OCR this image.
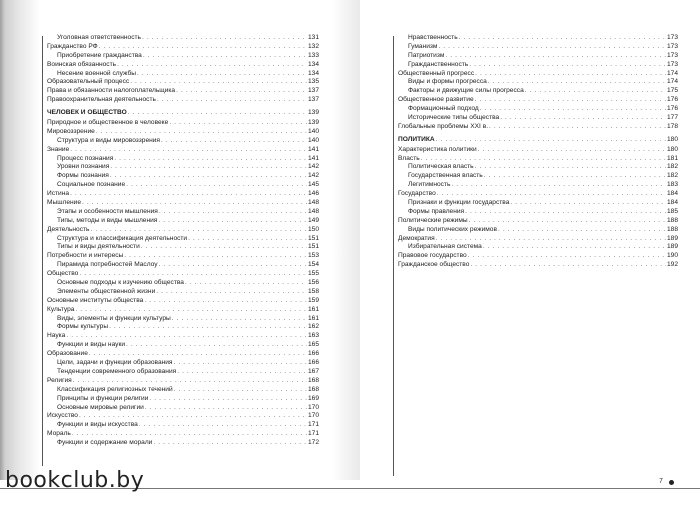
Уголовная ответственность . . .	131
Гражданство РФ . . .	132
Приобретение гражданства . . .	133
Воинская обязанность . . .	134
Несение военной службы . . .	134
Образовательный процесс . . .	135
Права и обязанности налогоплательщика . . .	137
Правоохранительная деятельность . . .	137
ЧЕЛОВЕК И ОБЩЕСТВО . . .	139
Природное и общественное в человеке . . .	139
Мировоззрение . . .	140
Структура и виды мировоззрения . . .	140
Знание . . .	141
Процесс познания . . .	141
Уровни познания . . .	142
Формы познания . . .	142
Социальное познание . . .	145
Истина . . .	146
Мышление . . .	148
Этапы и особенности мышления . . .	148
Типы, методы и виды мышления . . .	149
Деятельность . . .	150
Структура и классификация деятельности . . .	151
Типы и виды деятельности . . .	151
Потребности и интересы . . .	153
Пирамида потребностей Маслоу . . .	154
Общество . . .	155
Основные подходы к изучению общества . . .	156
Элементы общественной жизни . . .	158
Основные институты общества . . .	159
Культура . . .	161
Виды, элементы и функции культуры . . .	161
Формы культуры . . .	162
Наука . . .	163
Функции и виды науки . . .	165
Образование . . .	166
Цели, задачи и функции образования . . .	166
Тенденции современного образования . . .	167
Религия . . .	168
Классификация религиозных течений . . .	168
Принципы и функции религии . . .	169
Основные мировые религии . . .	170
Искусство . . .	170
Функции и виды искусства . . .	171
Мораль . . .	171
Функции и содержание морали . . .	172
Нравственность . . .	173
Гуманизм . . .	173
Патриотизм . . .	173
Гражданственность . . .	173
Общественный прогресс . . .	174
Виды и формы прогресса . . .	174
Факторы и движущие силы прогресса . . .	175
Общественное развитие . . .	176
Формационный подход . . .	176
Исторические типы общества . . .	177
Глобальные проблемы XXI в. . . .	178
ПОЛИТИКА . . .	180
Характеристика политики . . .	180
Власть . . .	181
Политическая власть . . .	182
Государственная власть . . .	182
Легитимность . . .	183
Государство . . .	184
Признаки и функции государства . . .	184
Формы правления . . .	185
Политические режимы . . .	188
Виды политических режимов . . .	188
Демократия . . .	189
Избирательная система . . .	189
Правовое государство . . .	190
Гражданское общество . . .	192
bookclub.by	7
